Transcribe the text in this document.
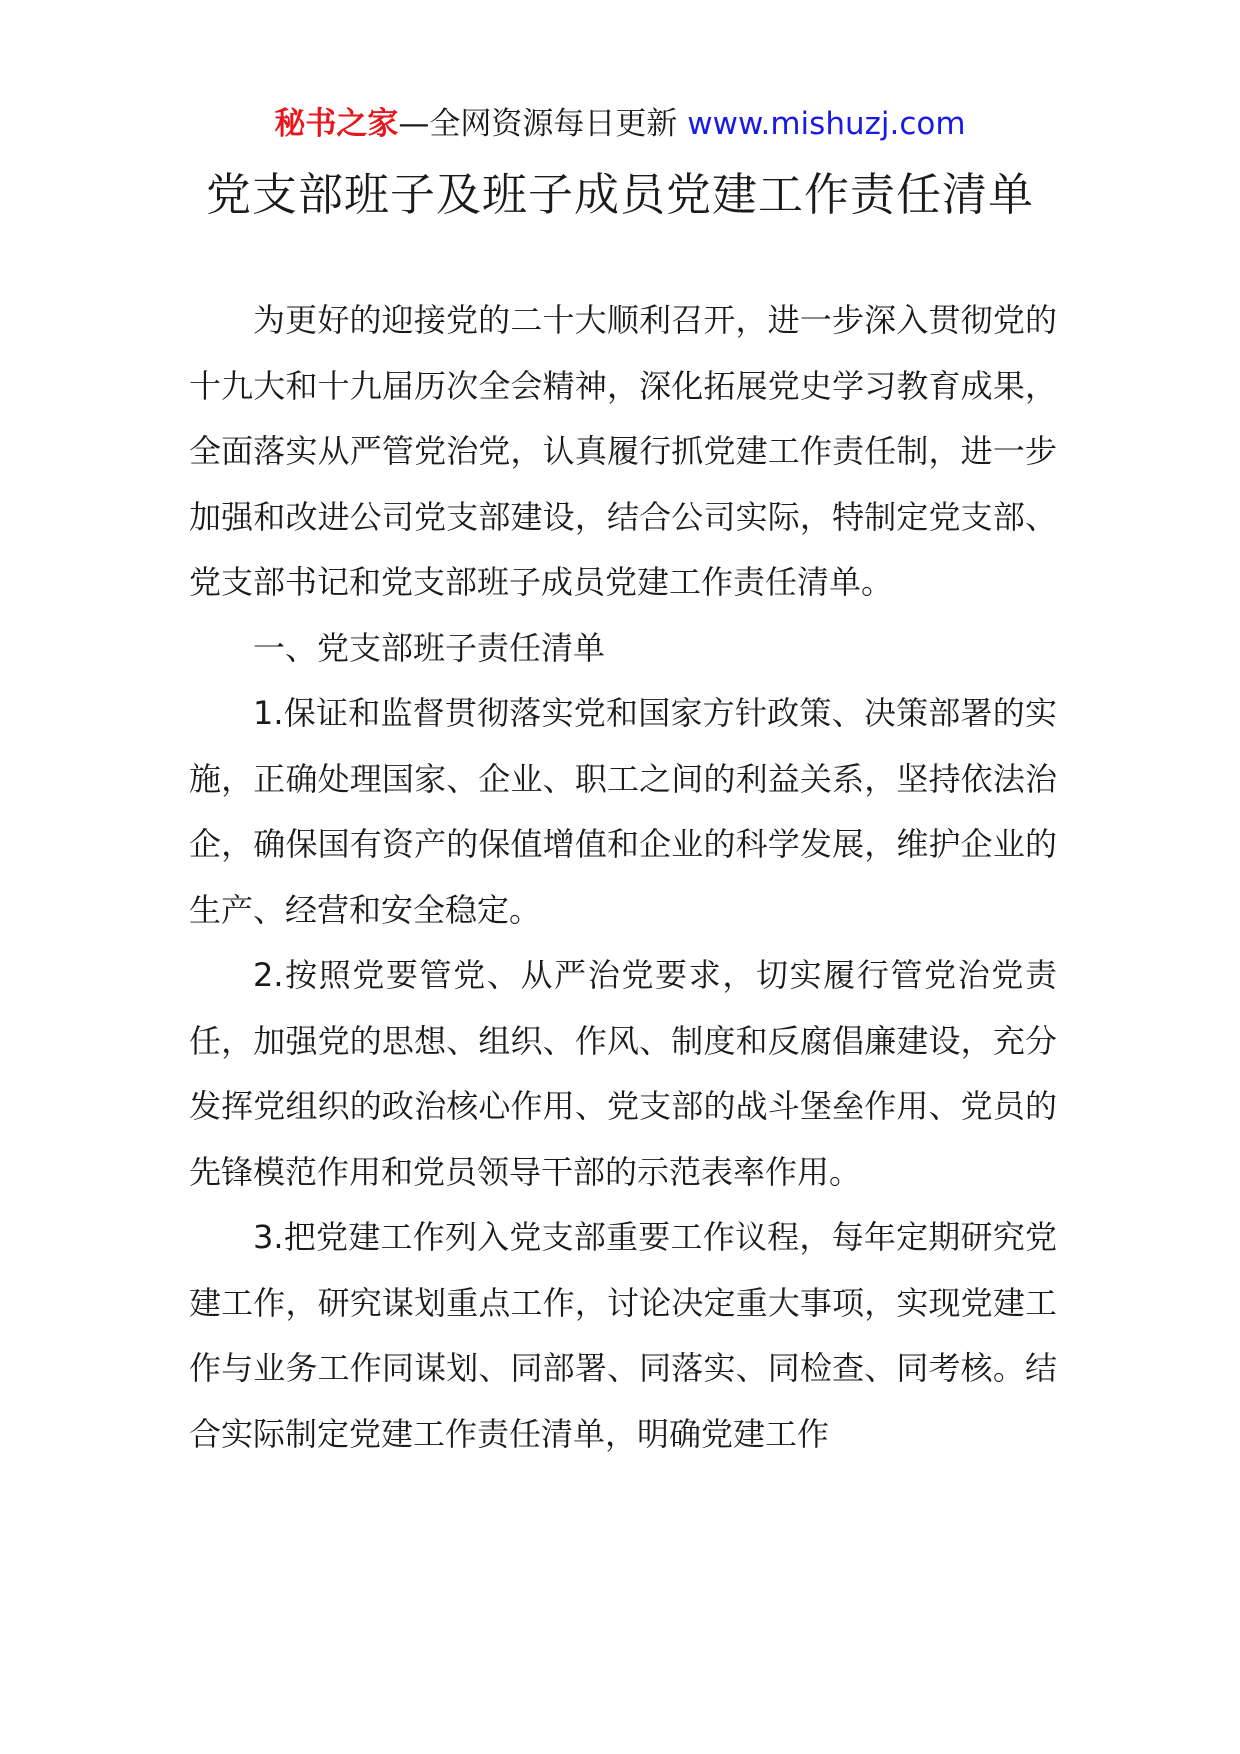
秘书之家—全网资源每日更新 www.mishuzj.com
党支部班子及班子成员党建工作责任清单

为更好的迎接党的二十大顺利召开，进一步深入贯彻党的十九大和十九届历次全会精神，深化拓展党史学习教育成果，全面落实从严管党治党，认真履行抓党建工作责任制，进一步加强和改进公司党支部建设，结合公司实际，特制定党支部、党支部书记和党支部班子成员党建工作责任清单。

一、党支部班子责任清单

1.保证和监督贯彻落实党和国家方针政策、决策部署的实施，正确处理国家、企业、职工之间的利益关系，坚持依法治企，确保国有资产的保值增值和企业的科学发展，维护企业的生产、经营和安全稳定。

2.按照党要管党、从严治党要求，切实履行管党治党责任，加强党的思想、组织、作风、制度和反腐倡廉建设，充分发挥党组织的政治核心作用、党支部的战斗堡垒作用、党员的先锋模范作用和党员领导干部的示范表率作用。

3.把党建工作列入党支部重要工作议程，每年定期研究党建工作，研究谋划重点工作，讨论决定重大事项，实现党建工作与业务工作同谋划、同部署、同落实、同检查、同考核。结合实际制定党建工作责任清单，明确党建工作
